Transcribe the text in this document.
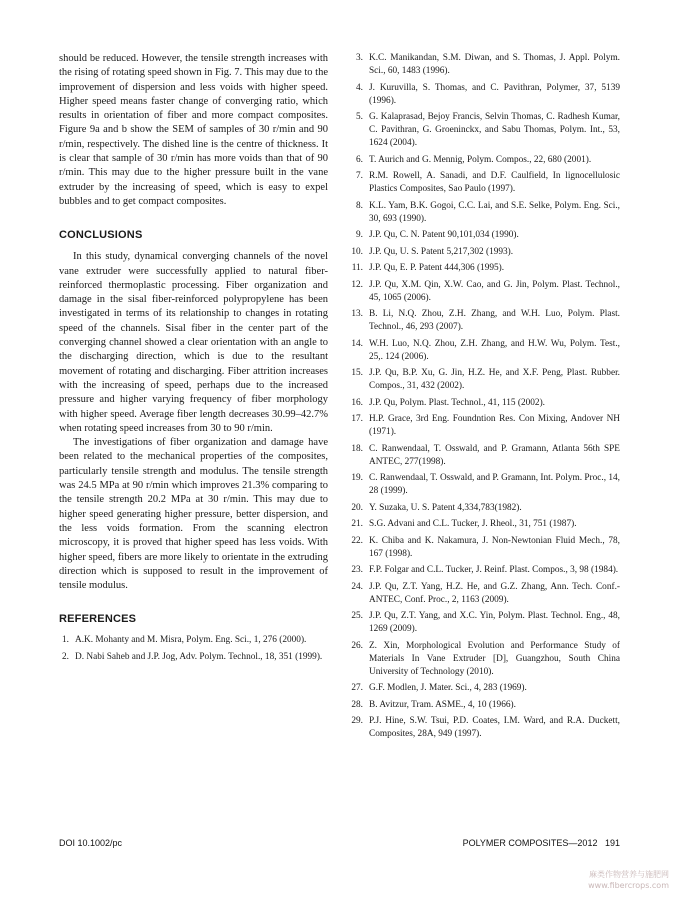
should be reduced. However, the tensile strength increases with the rising of rotating speed shown in Fig. 7. This may due to the improvement of dispersion and less voids with higher speed. Higher speed means faster change of converging ratio, which results in orientation of fiber and more compact composites. Figure 9a and b show the SEM of samples of 30 r/min and 90 r/min, respectively. The dished line is the centre of thickness. It is clear that sample of 30 r/min has more voids than that of 90 r/min. This may due to the higher pressure built in the vane extruder by the increasing of speed, which is easy to expel bubbles and to get compact composites.

CONCLUSIONS

In this study, dynamical converging channels of the novel vane extruder were successfully applied to natural fiber-reinforced thermoplastic processing. Fiber organization and damage in the sisal fiber-reinforced polypropylene has been investigated in terms of its relationship to changes in rotating speed of the channels. Sisal fiber in the center part of the converging channel showed a clear orientation with an angle to the discharging direction, which is due to the resultant movement of rotating and discharging. Fiber attrition increases with the increasing of speed, perhaps due to the increased pressure and higher varying frequency of fiber morphology with higher speed. Average fiber length decreases 30.99–42.7% when rotating speed increases from 30 to 90 r/min.

The investigations of fiber organization and damage have been related to the mechanical properties of the composites, particularly tensile strength and modulus. The tensile strength was 24.5 MPa at 90 r/min which improves 21.3% comparing to the tensile strength 20.2 MPa at 30 r/min. This may due to higher speed generating higher pressure, better dispersion, and the less voids formation. From the scanning electron microscopy, it is proved that higher speed has less voids. With higher speed, fibers are more likely to orientate in the extruding direction which is supposed to result in the improvement of tensile modulus.

REFERENCES
1. A.K. Mohanty and M. Misra, Polym. Eng. Sci., 1, 276 (2000).
2. D. Nabi Saheb and J.P. Jog, Adv. Polym. Technol., 18, 351 (1999).
3. K.C. Manikandan, S.M. Diwan, and S. Thomas, J. Appl. Polym. Sci., 60, 1483 (1996).
4. J. Kuruvilla, S. Thomas, and C. Pavithran, Polymer, 37, 5139 (1996).
5. G. Kalaprasad, Bejoy Francis, Selvin Thomas, C. Radhesh Kumar, C. Pavithran, G. Groeninckx, and Sabu Thomas, Polym. Int., 53, 1624 (2004).
6. T. Aurich and G. Mennig, Polym. Compos., 22, 680 (2001).
7. R.M. Rowell, A. Sanadi, and D.F. Caulfield, In lignocellulosic Plastics Composites, Sao Paulo (1997).
8. K.L. Yam, B.K. Gogoi, C.C. Lai, and S.E. Selke, Polym. Eng. Sci., 30, 693 (1990).
9. J.P. Qu, C. N. Patent 90,101,034 (1990).
10. J.P. Qu, U. S. Patent 5,217,302 (1993).
11. J.P. Qu, E. P. Patent 444,306 (1995).
12. J.P. Qu, X.M. Qin, X.W. Cao, and G. Jin, Polym. Plast. Technol., 45, 1065 (2006).
13. B. Li, N.Q. Zhou, Z.H. Zhang, and W.H. Luo, Polym. Plast. Technol., 46, 293 (2007).
14. W.H. Luo, N.Q. Zhou, Z.H. Zhang, and H.W. Wu, Polym. Test., 25,. 124 (2006).
15. J.P. Qu, B.P. Xu, G. Jin, H.Z. He, and X.F. Peng, Plast. Rubber. Compos., 31, 432 (2002).
16. J.P. Qu, Polym. Plast. Technol., 41, 115 (2002).
17. H.P. Grace, 3rd Eng. Foundntion Res. Con Mixing, Andover NH (1971).
18. C. Ranwendaal, T. Osswald, and P. Gramann, Atlanta 56th SPE ANTEC, 277(1998).
19. C. Ranwendaal, T. Osswald, and P. Gramann, Int. Polym. Proc., 14, 28 (1999).
20. Y. Suzaka, U. S. Patent 4,334,783(1982).
21. S.G. Advani and C.L. Tucker, J. Rheol., 31, 751 (1987).
22. K. Chiba and K. Nakamura, J. Non-Newtonian Fluid Mech., 78, 167 (1998).
23. F.P. Folgar and C.L. Tucker, J. Reinf. Plast. Compos., 3, 98 (1984).
24. J.P. Qu, Z.T. Yang, H.Z. He, and G.Z. Zhang, Ann. Tech. Conf.-ANTEC, Conf. Proc., 2, 1163 (2009).
25. J.P. Qu, Z.T. Yang, and X.C. Yin, Polym. Plast. Technol. Eng., 48, 1269 (2009).
26. Z. Xin, Morphological Evolution and Performance Study of Materials In Vane Extruder [D], Guangzhou, South China University of Technology (2010).
27. G.F. Modlen, J. Mater. Sci., 4, 283 (1969).
28. B. Avitzur, Tram. ASME., 4, 10 (1966).
29. P.J. Hine, S.W. Tsui, P.D. Coates, I.M. Ward, and R.A. Duckett, Composites, 28A, 949 (1997).
DOI 10.1002/pc	POLYMER COMPOSITES—2012 191
麻类作物营养与施肥网
www.fibercrops.com
